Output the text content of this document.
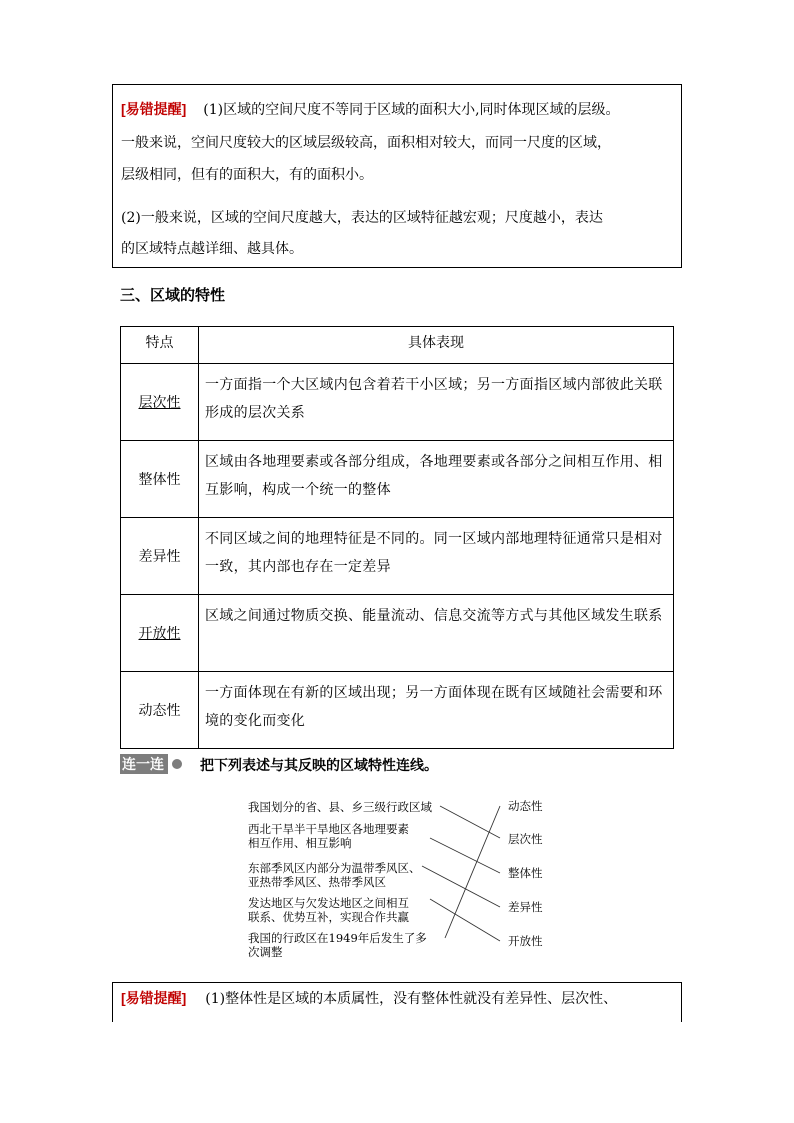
[易错提醒] (1)区域的空间尺度不等同于区域的面积大小,同时体现区域的层级。
一般来说，空间尺度较大的区域层级较高，面积相对较大，而同一尺度的区域，
层级相同，但有的面积大，有的面积小。
(2)一般来说，区域的空间尺度越大，表达的区域特征越宏观；尺度越小，表达
的区域特点越详细、越具体。
三、区域的特性
特点	具体表现
层次性	一方面指一个大区域内包含着若干小区域；另一方面指区域内部彼此关联形成的层次关系
整体性	区域由各地理要素或各部分组成，各地理要素或各部分之间相互作用、相互影响，构成一个统一的整体
差异性	不同区域之间的地理特征是不同的。同一区域内部地理特征通常只是相对一致，其内部也存在一定差异
开放性	区域之间通过物质交换、能量流动、信息交流等方式与其他区域发生联系
动态性	一方面体现在有新的区域出现；另一方面体现在既有区域随社会需要和环境的变化而变化
连一连	把下列表述与其反映的区域特性连线。
我国划分的省、县、乡三级行政区域
西北干旱半干旱地区各地理要素
相互作用、相互影响
东部季风区内部分为温带季风区、
亚热带季风区、热带季风区
发达地区与欠发达地区之间相互
联系、优势互补，实现合作共赢
我国的行政区在1949年后发生了多
次调整
动态性
层次性
整体性
差异性
开放性
[易错提醒] (1)整体性是区域的本质属性，没有整体性就没有差异性、层次性、
